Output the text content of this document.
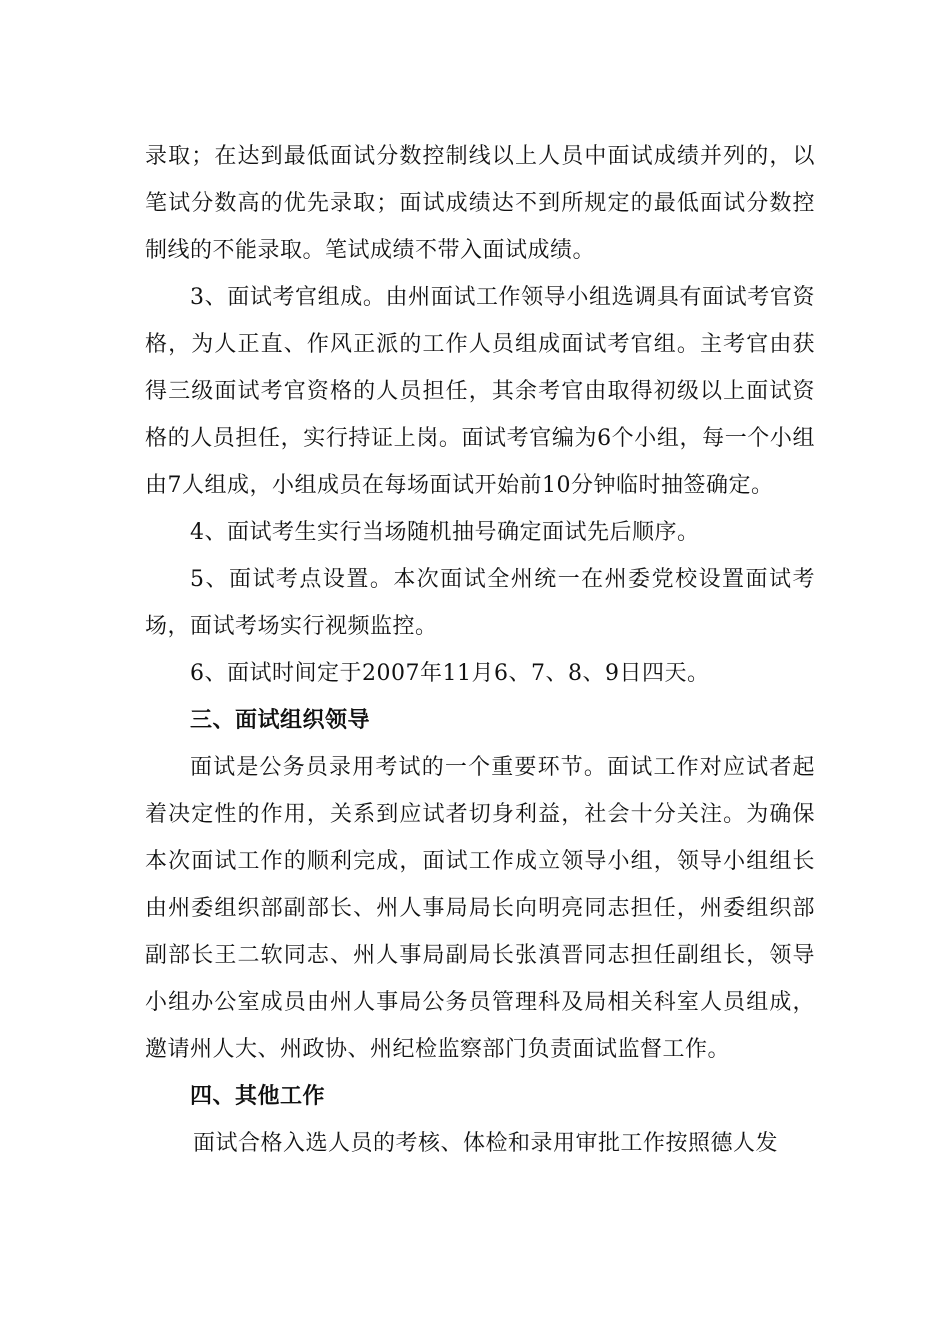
录取；在达到最低面试分数控制线以上人员中面试成绩并列的，以笔试分数高的优先录取；面试成绩达不到所规定的最低面试分数控制线的不能录取。笔试成绩不带入面试成绩。

3、面试考官组成。由州面试工作领导小组选调具有面试考官资格，为人正直、作风正派的工作人员组成面试考官组。主考官由获得三级面试考官资格的人员担任，其余考官由取得初级以上面试资格的人员担任，实行持证上岗。面试考官编为6个小组，每一个小组由7人组成，小组成员在每场面试开始前10分钟临时抽签确定。

4、面试考生实行当场随机抽号确定面试先后顺序。

5、面试考点设置。本次面试全州统一在州委党校设置面试考场，面试考场实行视频监控。

6、面试时间定于2007年11月6、7、8、9日四天。

三、面试组织领导

面试是公务员录用考试的一个重要环节。面试工作对应试者起着决定性的作用，关系到应试者切身利益，社会十分关注。为确保本次面试工作的顺利完成，面试工作成立领导小组，领导小组组长由州委组织部副部长、州人事局局长向明亮同志担任，州委组织部副部长王二软同志、州人事局副局长张滇晋同志担任副组长，领导小组办公室成员由州人事局公务员管理科及局相关科室人员组成，邀请州人大、州政协、州纪检监察部门负责面试监督工作。

四、其他工作

面试合格入选人员的考核、体检和录用审批工作按照德人发
